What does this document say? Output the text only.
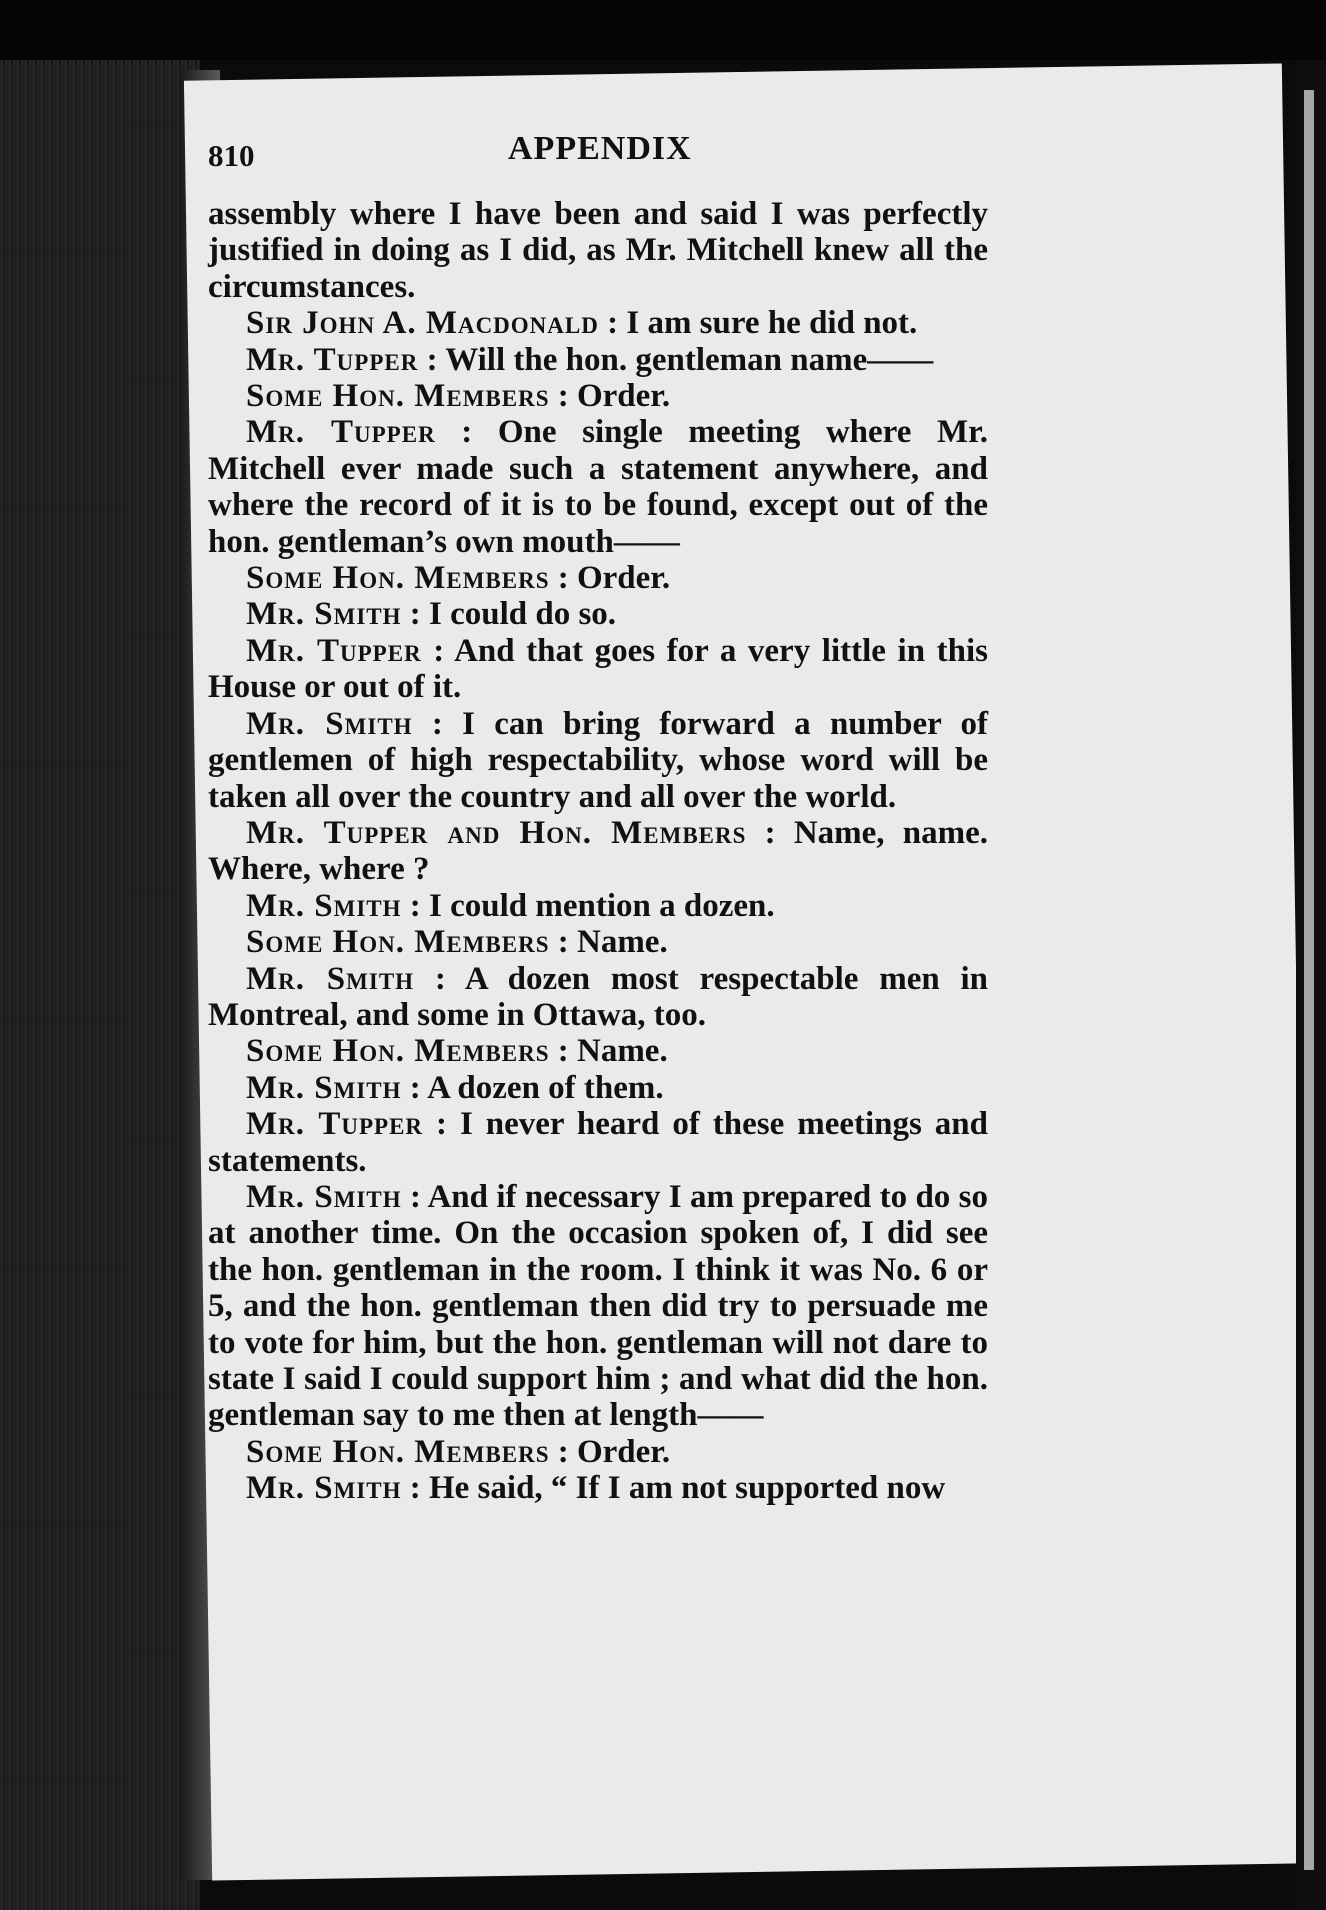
810	APPENDIX

assembly where I have been and said I was perfectly justified in doing as I did, as Mr. Mitchell knew all the circumstances.

Sir John A. Macdonald : I am sure he did not.

Mr. Tupper : Will the hon. gentleman name——

Some Hon. Members : Order.

Mr. Tupper : One single meeting where Mr. Mitchell ever made such a statement anywhere, and where the record of it is to be found, except out of the hon. gentleman’s own mouth——

Some Hon. Members : Order.

Mr. Smith : I could do so.

Mr. Tupper : And that goes for a very little in this House or out of it.

Mr. Smith : I can bring forward a number of gentlemen of high respectability, whose word will be taken all over the country and all over the world.

Mr. Tupper and Hon. Members : Name, name. Where, where ?

Mr. Smith : I could mention a dozen.

Some Hon. Members : Name.

Mr. Smith : A dozen most respectable men in Montreal, and some in Ottawa, too.

Some Hon. Members : Name.

Mr. Smith : A dozen of them.

Mr. Tupper : I never heard of these meetings and statements.

Mr. Smith : And if necessary I am prepared to do so at another time. On the occasion spoken of, I did see the hon. gentleman in the room. I think it was No. 6 or 5, and the hon. gentleman then did try to persuade me to vote for him, but the hon. gentleman will not dare to state I said I could support him ; and what did the hon. gentleman say to me then at length——

Some Hon. Members : Order.

Mr. Smith : He said, “ If I am not supported now
